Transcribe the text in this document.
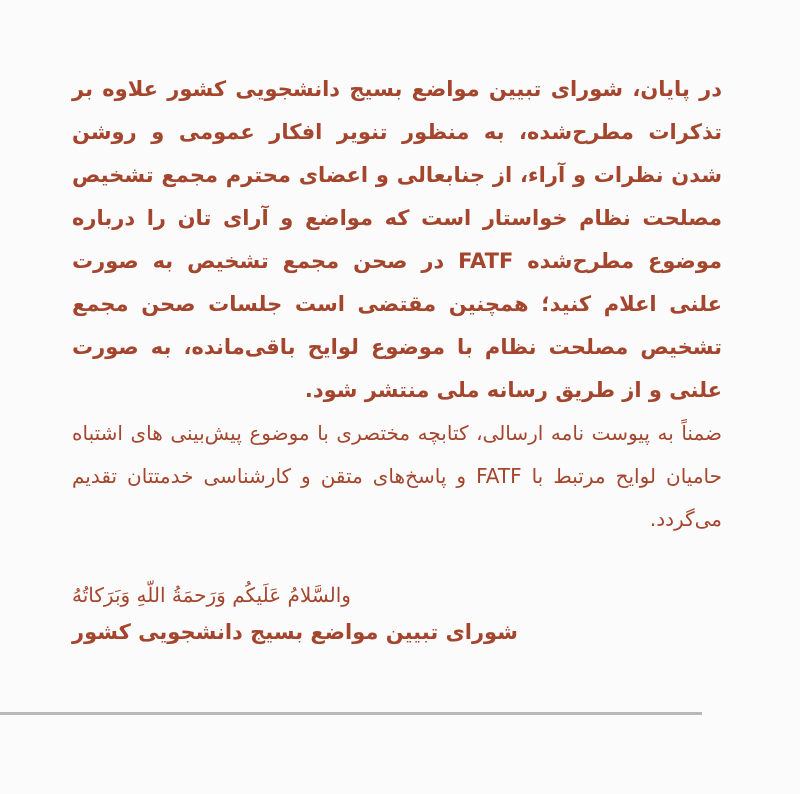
در پایان، شورای تبیین مواضع بسیج دانشجویی کشور علاوه بر تذکرات مطرح‌شده، به منظور تنویر افکار عمومی و روشن شدن نظرات و آراء، از جنابعالی و اعضای محترم مجمع تشخیص مصلحت نظام خواستار است که مواضع و آرای تان را درباره موضوع مطرح‌شده FATF در صحن مجمع تشخیص به صورت علنی اعلام کنید؛ همچنین مقتضی است جلسات صحن مجمع تشخیص مصلحت نظام با موضوع لوایح باقی‌مانده، به صورت علنی و از طریق رسانه ملی منتشر شود.

ضمناً به پیوست نامه ارسالی، کتابچه مختصری با موضوع پیش‌بینی های اشتباه حامیان لوایح مرتبط با FATF و پاسخ‌های متقن و کارشناسی خدمتتان تقدیم می‌گردد.

والسَّلامُ عَلَیکُم وَرَحمَةُ اللّهِ وَبَرَکاتُهُ

شورای تبیین مواضع بسیج دانشجویی کشور
